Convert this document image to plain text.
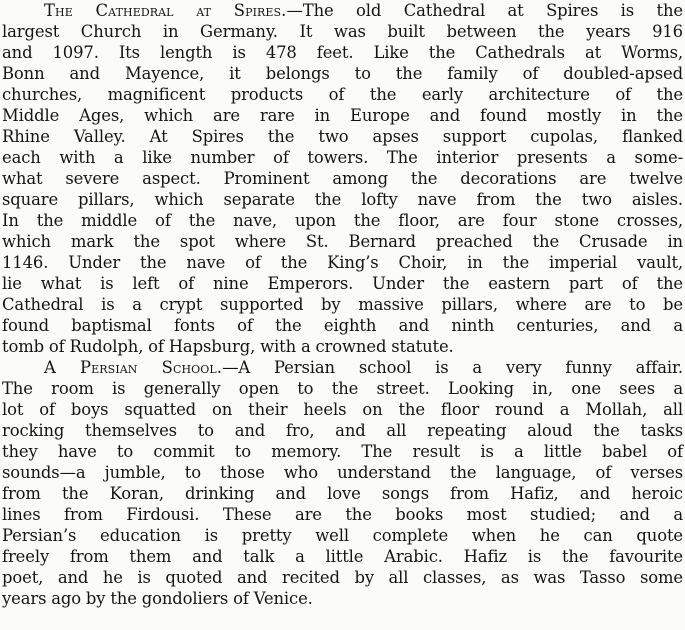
The Cathedral at Spires.—The old Cathedral at Spires is the
largest Church in Germany. It was built between the years 916
and 1097. Its length is 478 feet. Like the Cathedrals at Worms,
Bonn and Mayence, it belongs to the family of doubled-apsed
churches, magnificent products of the early architecture of the
Middle Ages, which are rare in Europe and found mostly in the
Rhine Valley. At Spires the two apses support cupolas, flanked
each with a like number of towers. The interior presents a some-
what severe aspect. Prominent among the decorations are twelve
square pillars, which separate the lofty nave from the two aisles.
In the middle of the nave, upon the floor, are four stone crosses,
which mark the spot where St. Bernard preached the Crusade in
1146. Under the nave of the King’s Choir, in the imperial vault,
lie what is left of nine Emperors. Under the eastern part of the
Cathedral is a crypt supported by massive pillars, where are to be
found baptismal fonts of the eighth and ninth centuries, and a
tomb of Rudolph, of Hapsburg, with a crowned statute.
A Persian School.—A Persian school is a very funny affair.
The room is generally open to the street. Looking in, one sees a
lot of boys squatted on their heels on the floor round a Mollah, all
rocking themselves to and fro, and all repeating aloud the tasks
they have to commit to memory. The result is a little babel of
sounds—a jumble, to those who understand the language, of verses
from the Koran, drinking and love songs from Hafiz, and heroic
lines from Firdousi. These are the books most studied; and a
Persian’s education is pretty well complete when he can quote
freely from them and talk a little Arabic. Hafiz is the favourite
poet, and he is quoted and recited by all classes, as was Tasso some
years ago by the gondoliers of Venice.
